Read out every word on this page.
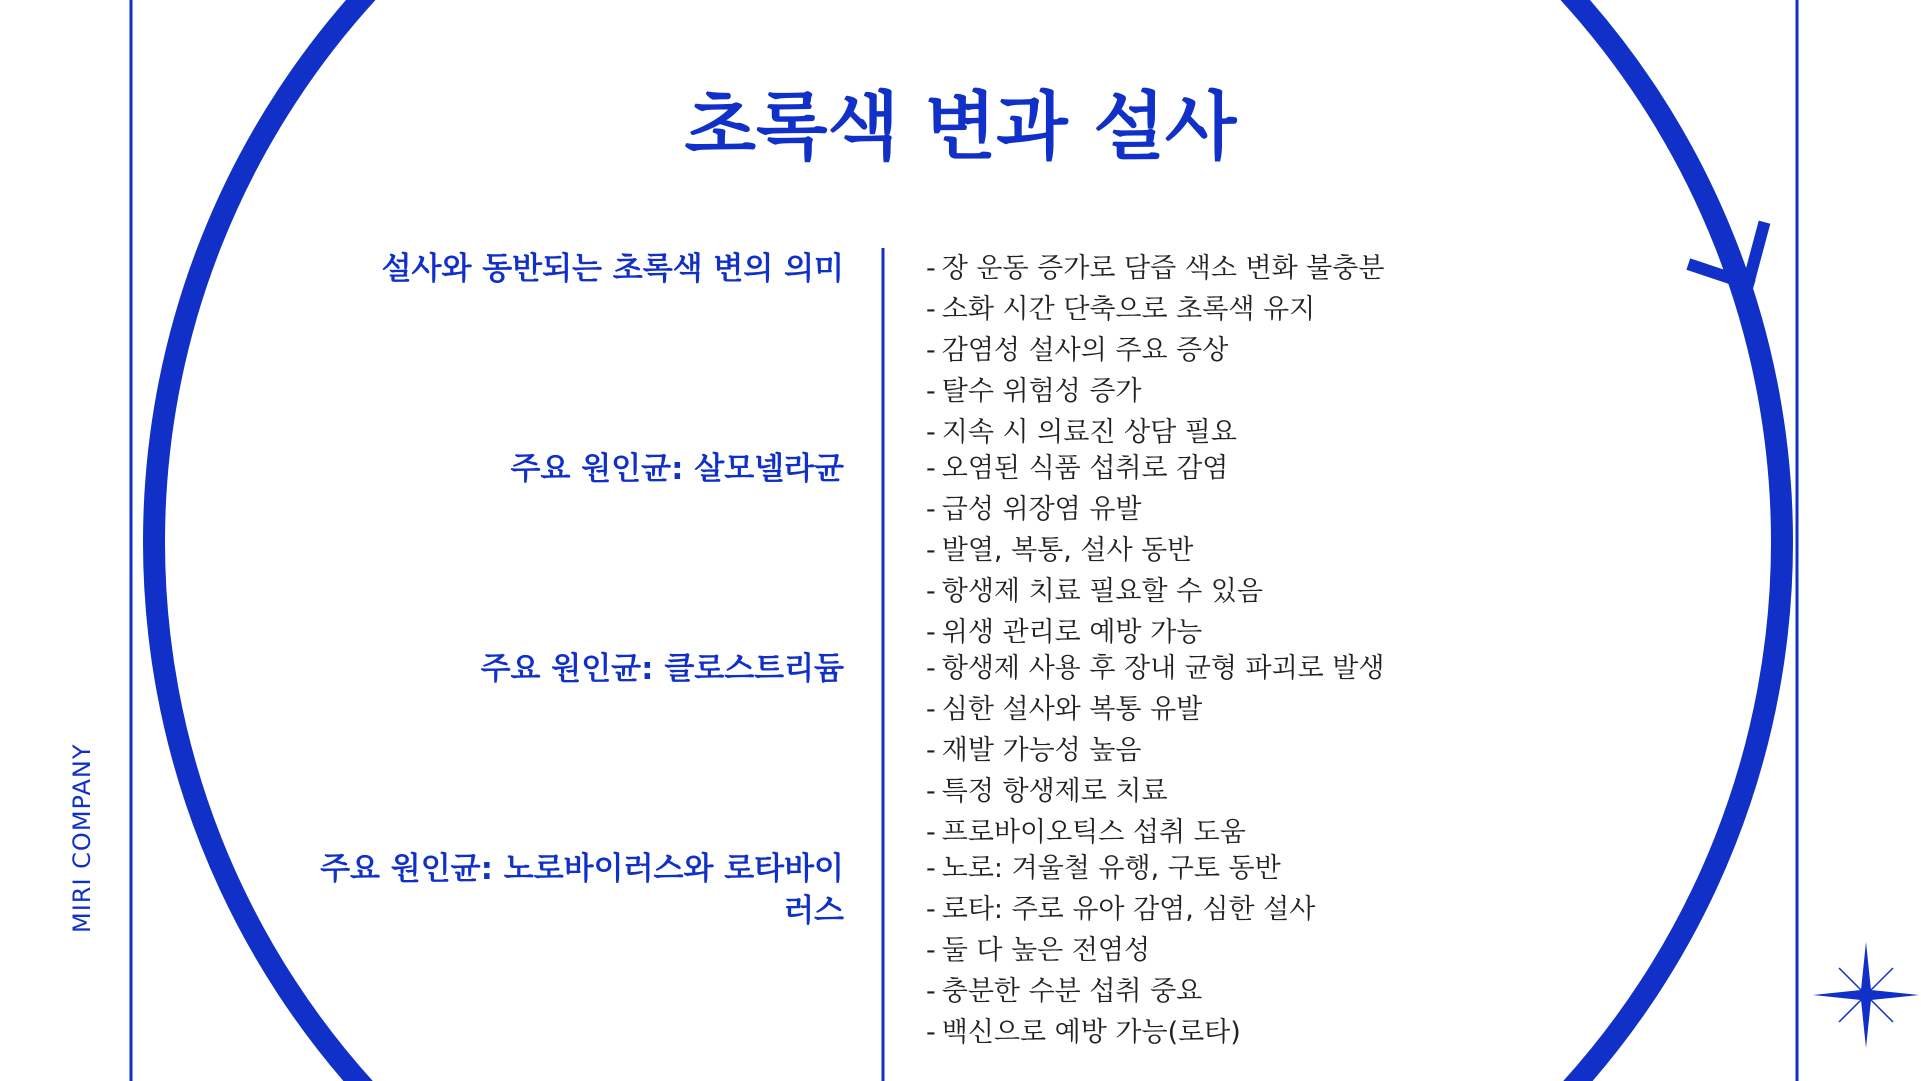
초록색 변과 설사
MIRI COMPANY
설사와 동반되는 초록색 변의 의미
주요 원인균: 살모넬라균
주요 원인균: 클로스트리듐
주요 원인균: 노로바이러스와 로타바이러스
- 장 운동 증가로 담즙 색소 변화 불충분
- 소화 시간 단축으로 초록색 유지
- 감염성 설사의 주요 증상
- 탈수 위험성 증가
- 지속 시 의료진 상담 필요
- 오염된 식품 섭취로 감염
- 급성 위장염 유발
- 발열, 복통, 설사 동반
- 항생제 치료 필요할 수 있음
- 위생 관리로 예방 가능
- 항생제 사용 후 장내 균형 파괴로 발생
- 심한 설사와 복통 유발
- 재발 가능성 높음
- 특정 항생제로 치료
- 프로바이오틱스 섭취 도움
- 노로: 겨울철 유행, 구토 동반
- 로타: 주로 유아 감염, 심한 설사
- 둘 다 높은 전염성
- 충분한 수분 섭취 중요
- 백신으로 예방 가능(로타)
